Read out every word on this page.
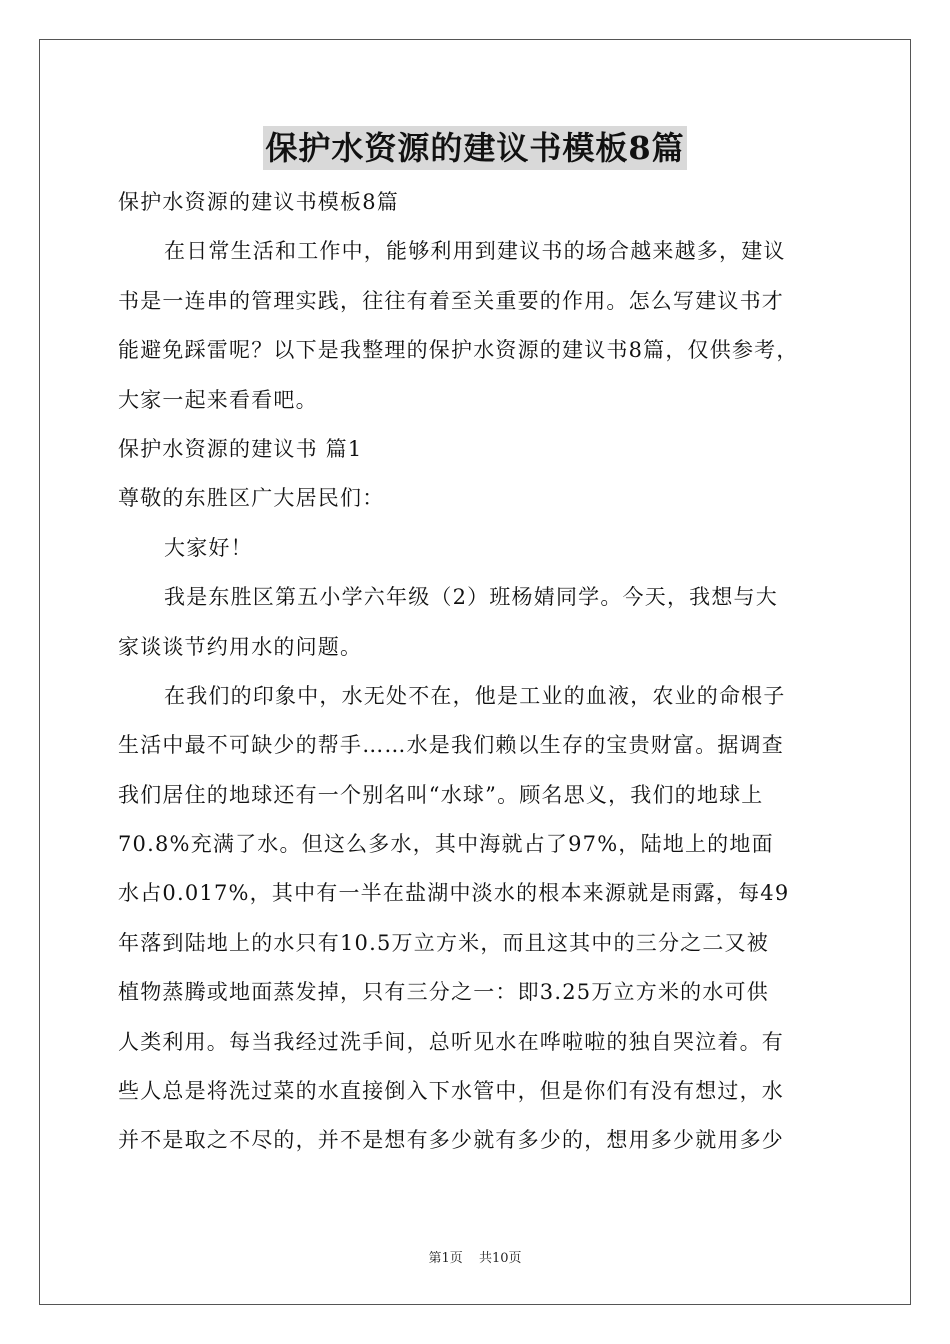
保护水资源的建议书模板8篇
保护水资源的建议书模板8篇
在日常生活和工作中，能够利用到建议书的场合越来越多，建议
书是一连串的管理实践，往往有着至关重要的作用。怎么写建议书才
能避免踩雷呢？以下是我整理的保护水资源的建议书8篇，仅供参考，
大家一起来看看吧。
保护水资源的建议书 篇1
尊敬的东胜区广大居民们：
大家好！
我是东胜区第五小学六年级（2）班杨婧同学。今天，我想与大
家谈谈节约用水的问题。
在我们的印象中，水无处不在，他是工业的血液，农业的命根子
生活中最不可缺少的帮手……水是我们赖以生存的宝贵财富。据调查
我们居住的地球还有一个别名叫“水球”。顾名思义，我们的地球上
70.8%充满了水。但这么多水，其中海就占了97%，陆地上的地面
水占0.017%，其中有一半在盐湖中淡水的根本来源就是雨露，每49
年落到陆地上的水只有10.5万立方米，而且这其中的三分之二又被
植物蒸腾或地面蒸发掉，只有三分之一：即3.25万立方米的水可供
人类利用。每当我经过洗手间，总听见水在哗啦啦的独自哭泣着。有
些人总是将洗过菜的水直接倒入下水管中，但是你们有没有想过，水
并不是取之不尽的，并不是想有多少就有多少的，想用多少就用多少
第1页 共10页
